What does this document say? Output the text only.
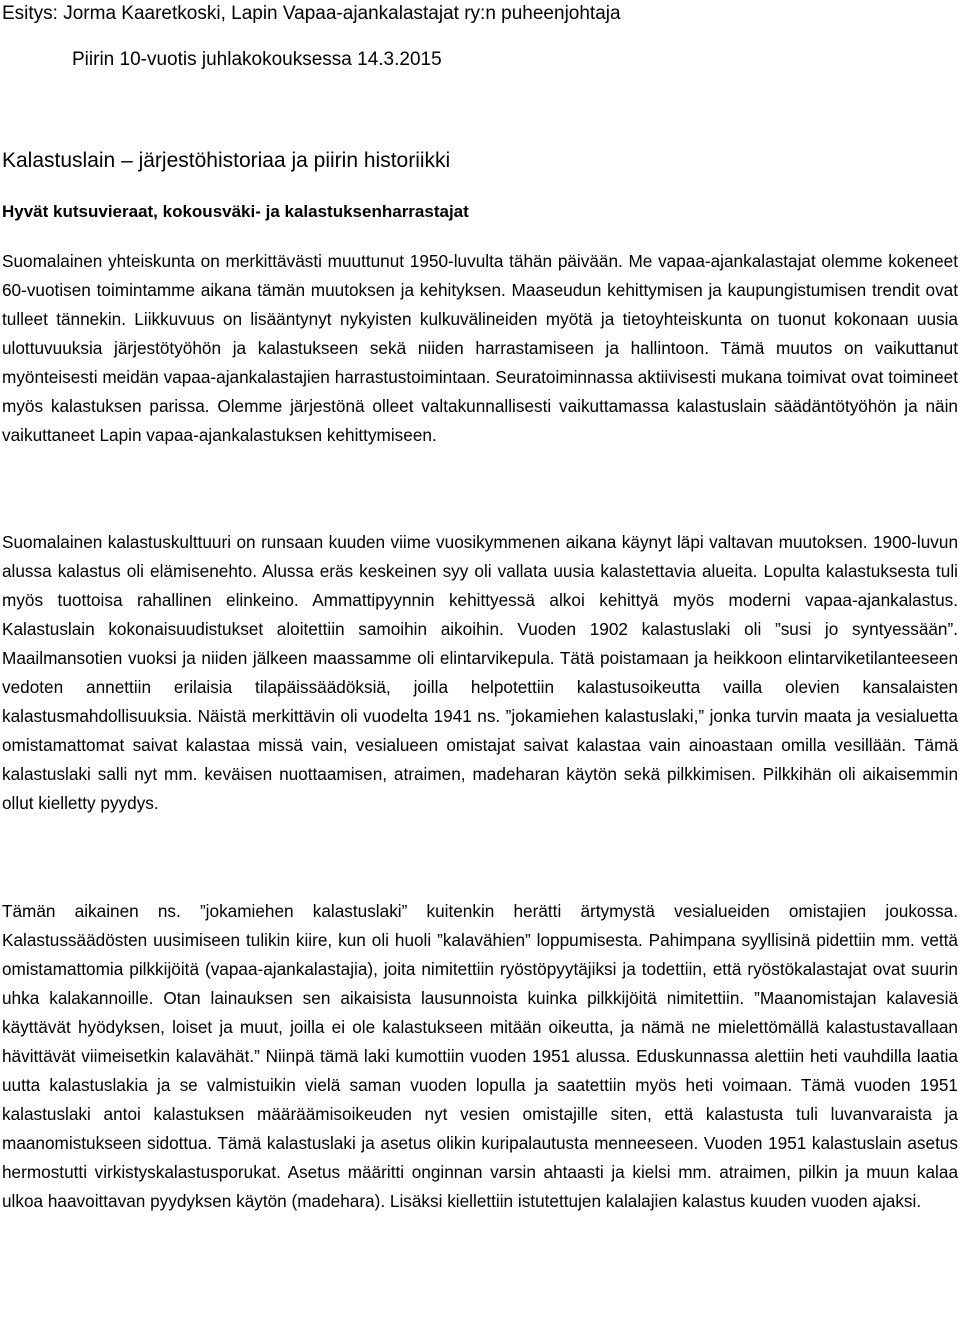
Esitys: Jorma Kaaretkoski, Lapin Vapaa-ajankalastajat ry:n puheenjohtaja
Piirin 10-vuotis juhlakokouksessa 14.3.2015
Kalastuslain – järjestöhistoriaa ja piirin historiikki
Hyvät kutsuvieraat, kokousväki- ja kalastuksenharrastajat

Suomalainen yhteiskunta on merkittävästi muuttunut 1950-luvulta tähän päivään. Me vapaa-ajankalastajat olemme kokeneet 60-vuotisen toimintamme aikana tämän muutoksen ja kehityksen. Maaseudun kehittymisen ja kaupungistumisen trendit ovat tulleet tännekin. Liikkuvuus on lisääntynyt nykyisten kulkuvälineiden myötä ja tietoyhteiskunta on tuonut kokonaan uusia ulottuvuuksia järjestötyöhön ja kalastukseen sekä niiden harrastamiseen ja hallintoon. Tämä muutos on vaikuttanut myönteisesti meidän vapaa-ajankalastajien harrastustoimintaan. Seuratoiminnassa aktiivisesti mukana toimivat ovat toimineet myös kalastuksen parissa. Olemme järjestönä olleet valtakunnallisesti vaikuttamassa kalastuslain säädäntötyöhön ja näin vaikuttaneet Lapin vapaa-ajankalastuksen kehittymiseen.

Suomalainen kalastuskulttuuri on runsaan kuuden viime vuosikymmenen aikana käynyt läpi valtavan muutoksen. 1900-luvun alussa kalastus oli elämisenehto. Alussa eräs keskeinen syy oli vallata uusia kalastettavia alueita. Lopulta kalastuksesta tuli myös tuottoisa rahallinen elinkeino. Ammattipyynnin kehittyessä alkoi kehittyä myös moderni vapaa-ajankalastus. Kalastuslain kokonaisuudistukset aloitettiin samoihin aikoihin. Vuoden 1902 kalastuslaki oli ”susi jo syntyessään”. Maailmansotien vuoksi ja niiden jälkeen maassamme oli elintarvikepula. Tätä poistamaan ja heikkoon elintarviketilanteeseen vedoten annettiin erilaisia tilapäissäädöksiä, joilla helpotettiin kalastusoikeutta vailla olevien kansalaisten kalastusmahdollisuuksia. Näistä merkittävin oli vuodelta 1941 ns. ”jokamiehen kalastuslaki,” jonka turvin maata ja vesialuetta omistamattomat saivat kalastaa missä vain, vesialueen omistajat saivat kalastaa vain ainoastaan omilla vesillään. Tämä kalastuslaki salli nyt mm. keväisen nuottaamisen, atraimen, madeharan käytön sekä pilkkimisen. Pilkkihän oli aikaisemmin ollut kielletty pyydys.

Tämän aikainen ns. ”jokamiehen kalastuslaki” kuitenkin herätti ärtymystä vesialueiden omistajien joukossa. Kalastussäädösten uusimiseen tulikin kiire, kun oli huoli ”kalavähien” loppumisesta. Pahimpana syyllisinä pidettiin mm. vettä omistamattomia pilkkijöitä (vapaa-ajankalastajia), joita nimitettiin ryöstöpyytäjiksi ja todettiin, että ryöstökalastajat ovat suurin uhka kalakannoille. Otan lainauksen sen aikaisista lausunnoista kuinka pilkkijöitä nimitettiin. ”Maanomistajan kalavesiä käyttävät hyödyksen, loiset ja muut, joilla ei ole kalastukseen mitään oikeutta, ja nämä ne mielettömällä kalastustavallaan hävittävät viimeisetkin kalavähät.” Niinpä tämä laki kumottiin vuoden 1951 alussa. Eduskunnassa alettiin heti vauhdilla laatia uutta kalastuslakia ja se valmistuikin vielä saman vuoden lopulla ja saatettiin myös heti voimaan. Tämä vuoden 1951 kalastuslaki antoi kalastuksen määräämisoikeuden nyt vesien omistajille siten, että kalastusta tuli luvanvaraista ja maanomistukseen sidottua. Tämä kalastuslaki ja asetus olikin kuripalautusta menneeseen. Vuoden 1951 kalastuslain asetus hermostutti virkistyskalastusporukat. Asetus määritti onginnan varsin ahtaasti ja kielsi mm. atraimen, pilkin ja muun kalaa ulkoa haavoittavan pyydyksen käytön (madehara). Lisäksi kiellettiin istutettujen kalalajien kalastus kuuden vuoden ajaksi.
